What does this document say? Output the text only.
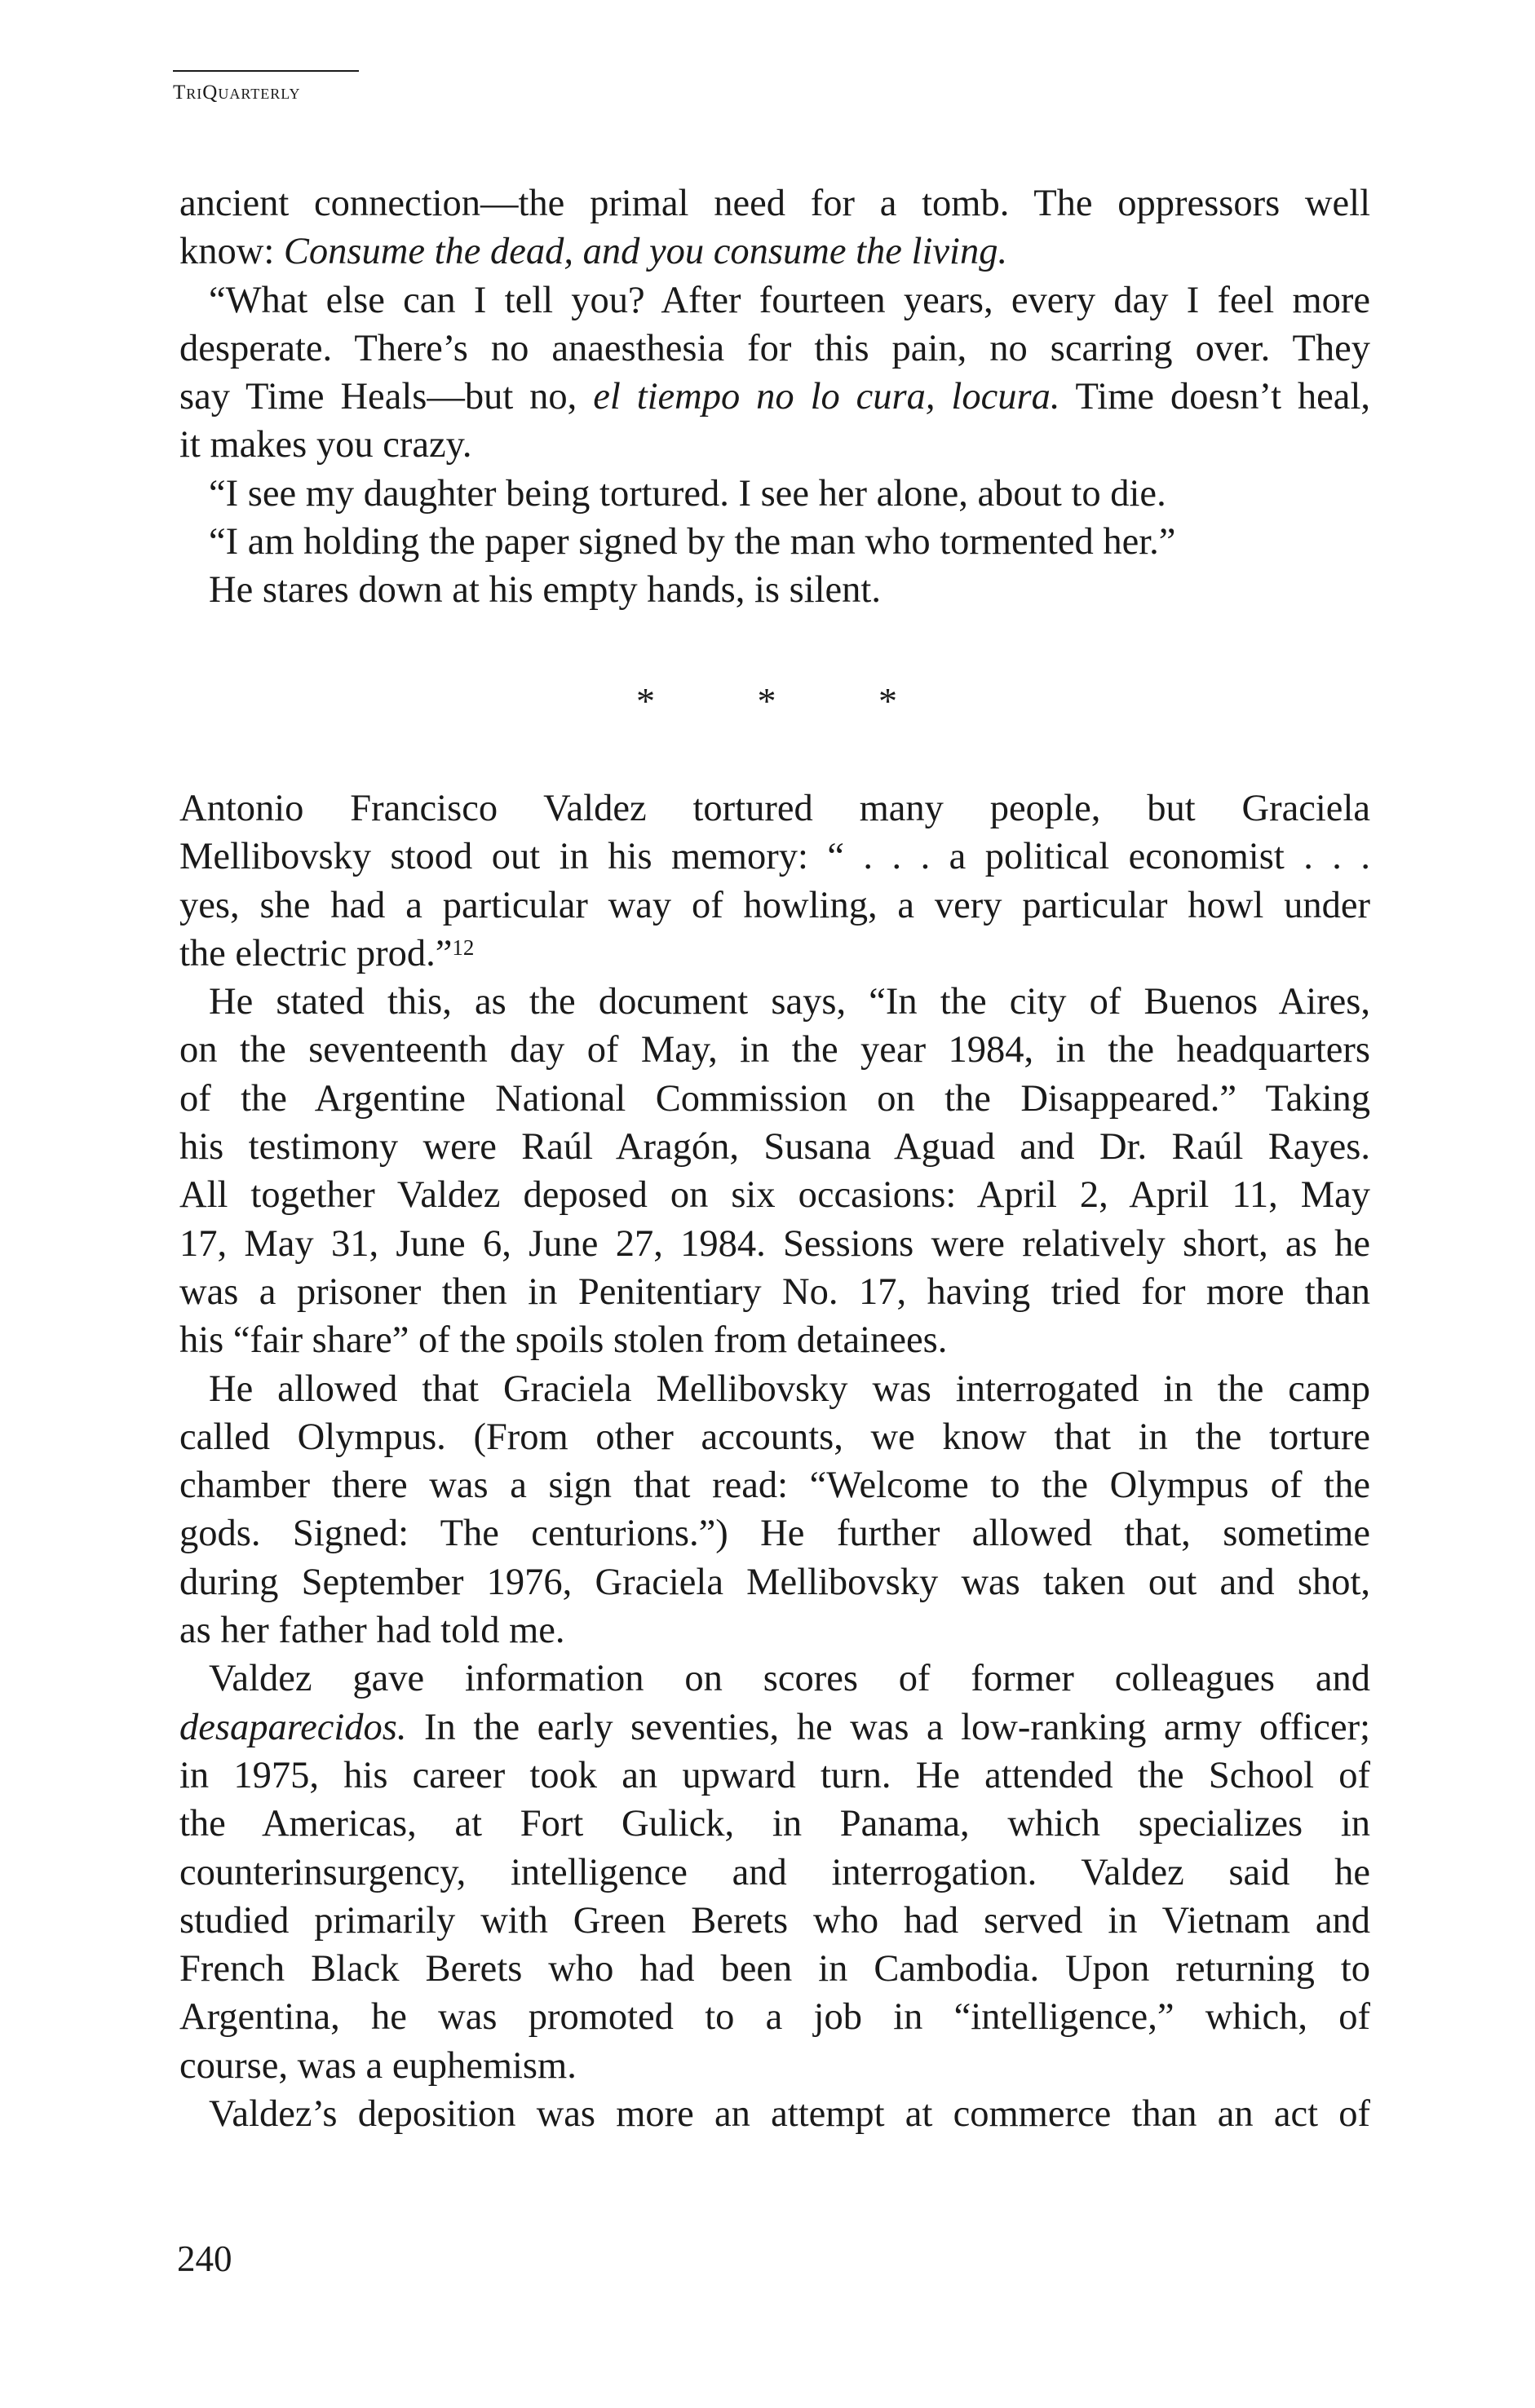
TriQuarterly
ancient connection—the primal need for a tomb. The oppressors well
know: Consume the dead, and you consume the living.
“What else can I tell you? After fourteen years, every day I feel more
desperate. There’s no anaesthesia for this pain, no scarring over. They
say Time Heals—but no, el tiempo no lo cura, locura. Time doesn’t heal,
it makes you crazy.
“I see my daughter being tortured. I see her alone, about to die.
“I am holding the paper signed by the man who tormented her.”
He stares down at his empty hands, is silent.
*	*	*
Antonio Francisco Valdez tortured many people, but Graciela
Mellibovsky stood out in his memory: “ . . . a political economist . . .
yes, she had a particular way of howling, a very particular howl under
the electric prod.”$^{12}$
He stated this, as the document says, “In the city of Buenos Aires,
on the seventeenth day of May, in the year 1984, in the headquarters
of the Argentine National Commission on the Disappeared.” Taking
his testimony were Raúl Aragón, Susana Aguad and Dr. Raúl Rayes.
All together Valdez deposed on six occasions: April 2, April 11, May
17, May 31, June 6, June 27, 1984. Sessions were relatively short, as he
was a prisoner then in Penitentiary No. 17, having tried for more than
his “fair share” of the spoils stolen from detainees.
He allowed that Graciela Mellibovsky was interrogated in the camp
called Olympus. (From other accounts, we know that in the torture
chamber there was a sign that read: “Welcome to the Olympus of the
gods. Signed: The centurions.”) He further allowed that, sometime
during September 1976, Graciela Mellibovsky was taken out and shot,
as her father had told me.
Valdez gave information on scores of former colleagues and
desaparecidos. In the early seventies, he was a low-ranking army officer;
in 1975, his career took an upward turn. He attended the School of
the Americas, at Fort Gulick, in Panama, which specializes in
counterinsurgency, intelligence and interrogation. Valdez said he
studied primarily with Green Berets who had served in Vietnam and
French Black Berets who had been in Cambodia. Upon returning to
Argentina, he was promoted to a job in “intelligence,” which, of
course, was a euphemism.
Valdez’s deposition was more an attempt at commerce than an act of
240
